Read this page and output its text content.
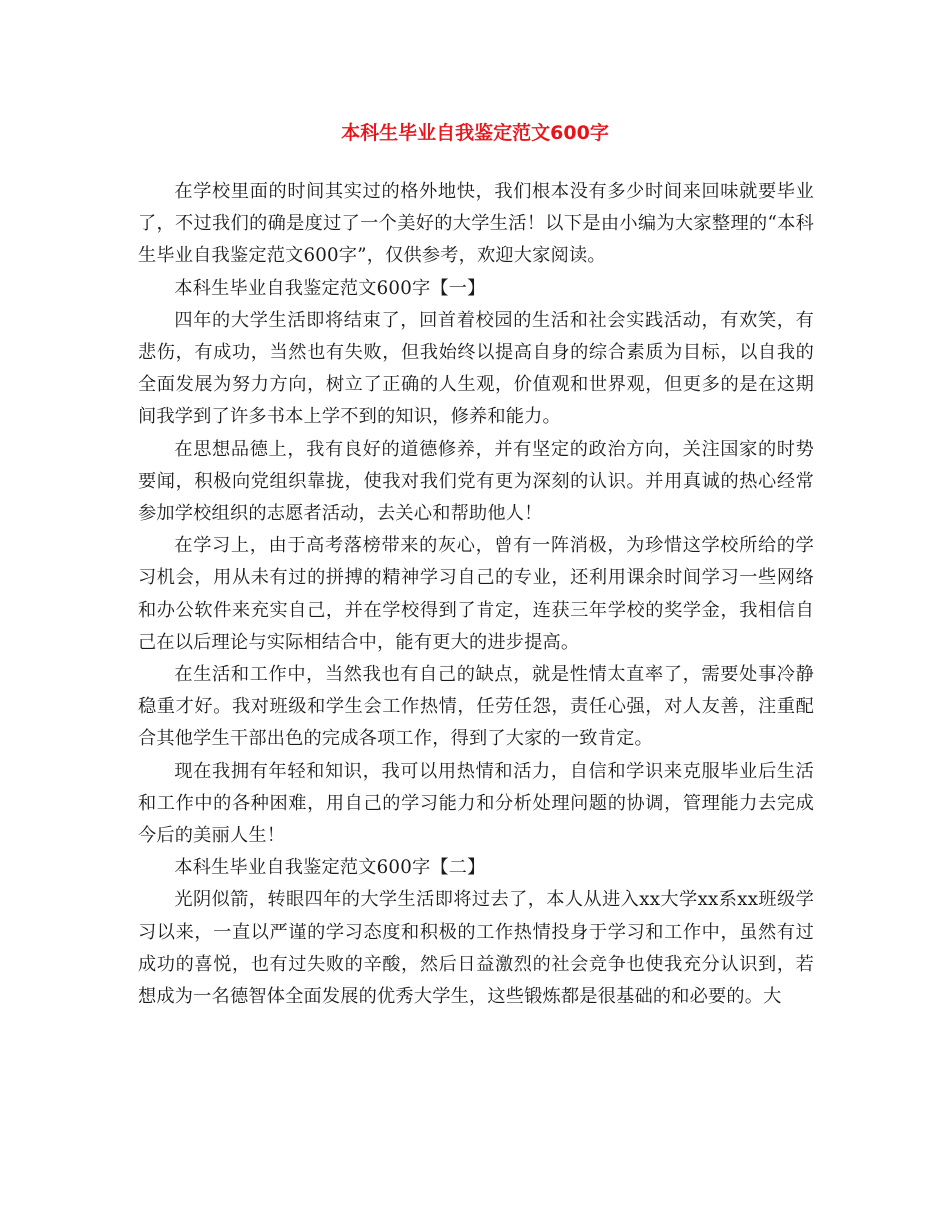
本科生毕业自我鉴定范文600字

在学校里面的时间其实过的格外地快，我们根本没有多少时间来回味就要毕业了，不过我们的确是度过了一个美好的大学生活！以下是由小编为大家整理的“本科生毕业自我鉴定范文600字”，仅供参考，欢迎大家阅读。

本科生毕业自我鉴定范文600字【一】

四年的大学生活即将结束了，回首着校园的生活和社会实践活动，有欢笑，有悲伤，有成功，当然也有失败，但我始终以提高自身的综合素质为目标，以自我的全面发展为努力方向，树立了正确的人生观，价值观和世界观，但更多的是在这期间我学到了许多书本上学不到的知识，修养和能力。

在思想品德上，我有良好的道德修养，并有坚定的政治方向，关注国家的时势要闻，积极向党组织靠拢，使我对我们党有更为深刻的认识。并用真诚的热心经常参加学校组织的志愿者活动，去关心和帮助他人！

在学习上，由于高考落榜带来的灰心，曾有一阵消极，为珍惜这学校所给的学习机会，用从未有过的拼搏的精神学习自己的专业，还利用课余时间学习一些网络和办公软件来充实自己，并在学校得到了肯定，连获三年学校的奖学金，我相信自己在以后理论与实际相结合中，能有更大的进步提高。

在生活和工作中，当然我也有自己的缺点，就是性情太直率了，需要处事冷静稳重才好。我对班级和学生会工作热情，任劳任怨，责任心强，对人友善，注重配合其他学生干部出色的完成各项工作，得到了大家的一致肯定。

现在我拥有年轻和知识，我可以用热情和活力，自信和学识来克服毕业后生活和工作中的各种困难，用自己的学习能力和分析处理问题的协调，管理能力去完成今后的美丽人生！

本科生毕业自我鉴定范文600字【二】

光阴似箭，转眼四年的大学生活即将过去了，本人从进入xx大学xx系xx班级学习以来，一直以严谨的学习态度和积极的工作热情投身于学习和工作中，虽然有过成功的喜悦，也有过失败的辛酸，然后日益激烈的社会竞争也使我充分认识到，若想成为一名德智体全面发展的优秀大学生，这些锻炼都是很基础的和必要的。大
